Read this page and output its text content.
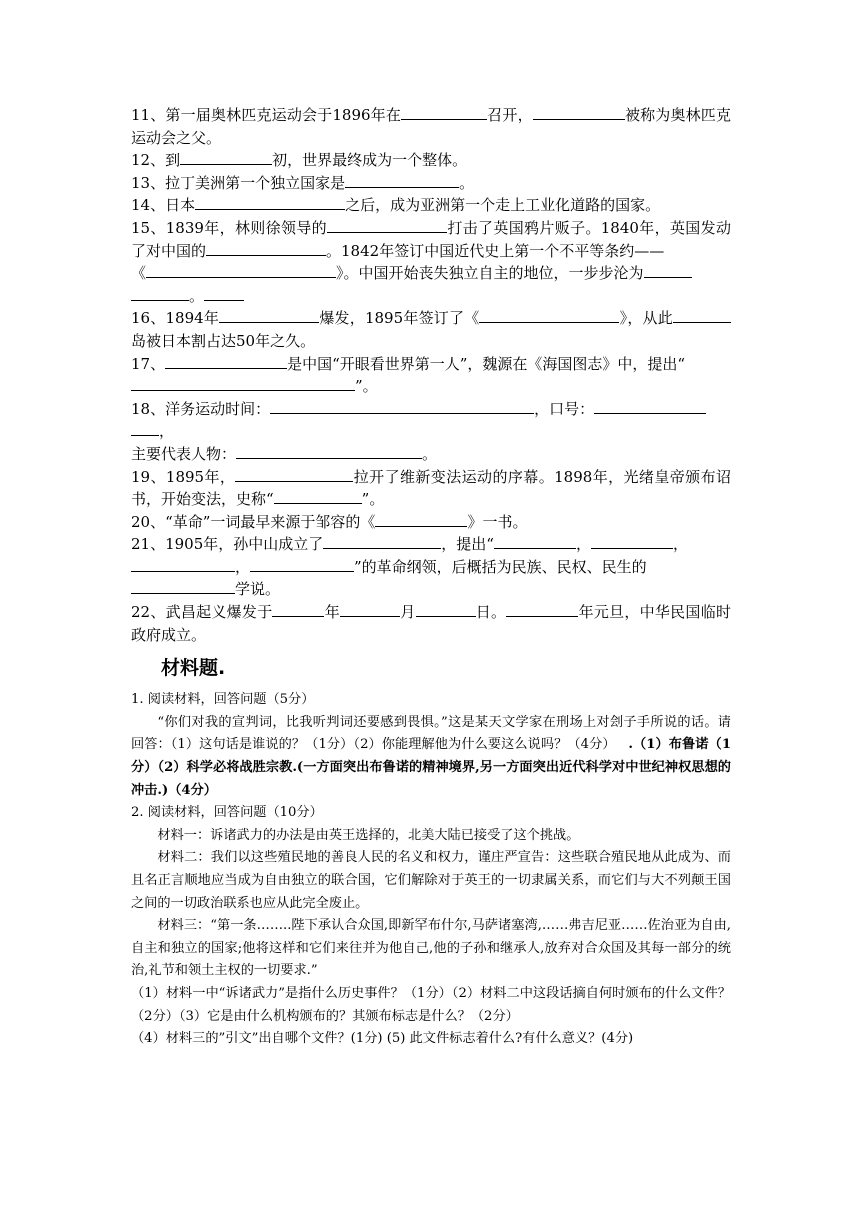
11、第一届奥林匹克运动会于1896年在	召开，	被称为奥林匹克运动会之父。

12、到	初，世界最终成为一个整体。

13、拉丁美洲第一个独立国家是	。

14、日本	之后，成为亚洲第一个走上工业化道路的国家。

15、1839年，林则徐领导的	打击了英国鸦片贩子。1840年，英国发动了对中国的	。1842年签订中国近代史上第一个不平等条约——
《	》。中国开始丧失独立自主的地位，一步步沦为
。

16、1894年	爆发，1895年签订了《	》，从此岛被日本割占达50年之久。

17、	是中国“开眼看世界第一人”，魏源在《海国图志》中，提出“
”。

18、洋务运动时间：	，口号：
，
主要代表人物：	。

19、1895年，	拉开了维新变法运动的序幕。1898年，光绪皇帝颁布诏书，开始变法，史称“	”。

20、“革命”一词最早来源于邹容的《	》一书。

21、1905年，孙中山成立了	，提出“	，	，
，	”的革命纲领，后概括为民族、民权、民生的
学说。

22、武昌起义爆发于	年	月	日。	年元旦，中华民国临时政府成立。

材料题.

1. 阅读材料，回答问题（5分）

“你们对我的宣判词，比我听判词还要感到畏惧。”这是某天文学家在刑场上对刽子手所说的话。请回答：（1）这句话是谁说的？（1分）（2）你能理解他为什么要这么说吗？（4分） .（1）布鲁诺（1分）（2）科学必将战胜宗教.(一方面突出布鲁诺的精神境界,另一方面突出近代科学对中世纪神权思想的冲击.)（4分）

2. 阅读材料，回答问题（10分）

材料一：诉诸武力的办法是由英王选择的，北美大陆已接受了这个挑战。

材料二：我们以这些殖民地的善良人民的名义和权力，谨庄严宣告：这些联合殖民地从此成为、而且名正言顺地应当成为自由独立的联合国，它们解除对于英王的一切隶属关系，而它们与大不列颠王国之间的一切政治联系也应从此完全废止。

材料三：“第一条……..陛下承认合众国,即新罕布什尔,马萨诸塞湾,……弗吉尼亚……佐治亚为自由,自主和独立的国家;他将这样和它们来往并为他自己,他的子孙和继承人,放弃对合众国及其每一部分的统治,礼节和领土主权的一切要求.”

（1）材料一中“诉诸武力”是指什么历史事件？（1分）（2）材料二中这段话摘自何时颁布的什么文件？（2分）（3）它是由什么机构颁布的？其颁布标志是什么？（2分）

（4）材料三的”引文”出自哪个文件？(1分) (5) 此文件标志着什么?有什么意义？(4分)
